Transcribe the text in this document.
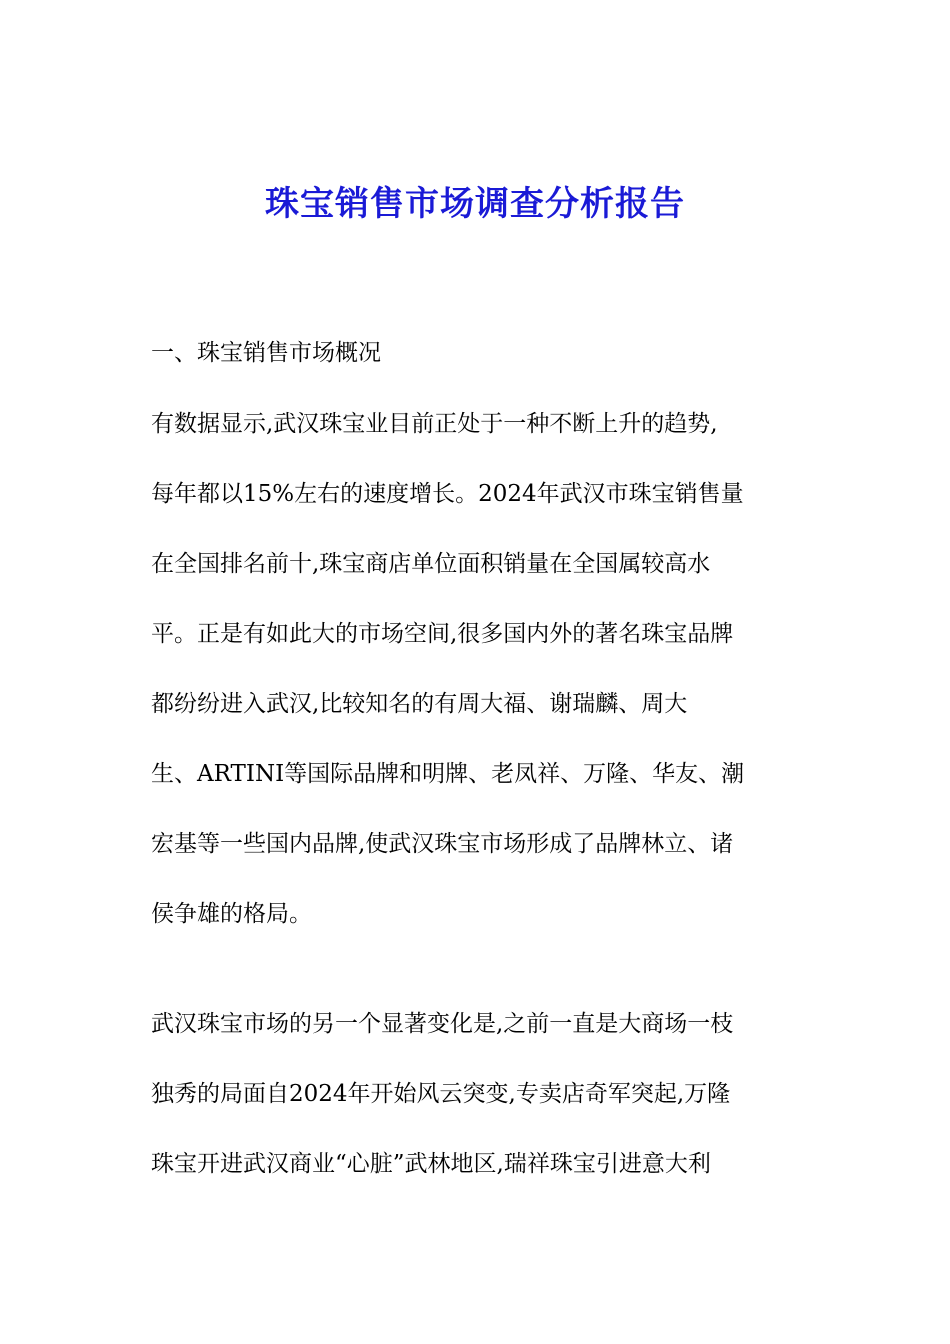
珠宝销售市场调查分析报告
一、珠宝销售市场概况
有数据显示,武汉珠宝业目前正处于一种不断上升的趋势,
每年都以15%左右的速度增长。2024年武汉市珠宝销售量
在全国排名前十,珠宝商店单位面积销量在全国属较高水
平。正是有如此大的市场空间,很多国内外的著名珠宝品牌
都纷纷进入武汉,比较知名的有周大福、谢瑞麟、周大
生、ARTINI等国际品牌和明牌、老凤祥、万隆、华友、潮
宏基等一些国内品牌,使武汉珠宝市场形成了品牌林立、诸
侯争雄的格局。
武汉珠宝市场的另一个显著变化是,之前一直是大商场一枝
独秀的局面自2024年开始风云突变,专卖店奇军突起,万隆
珠宝开进武汉商业“心脏”武林地区,瑞祥珠宝引进意大利
